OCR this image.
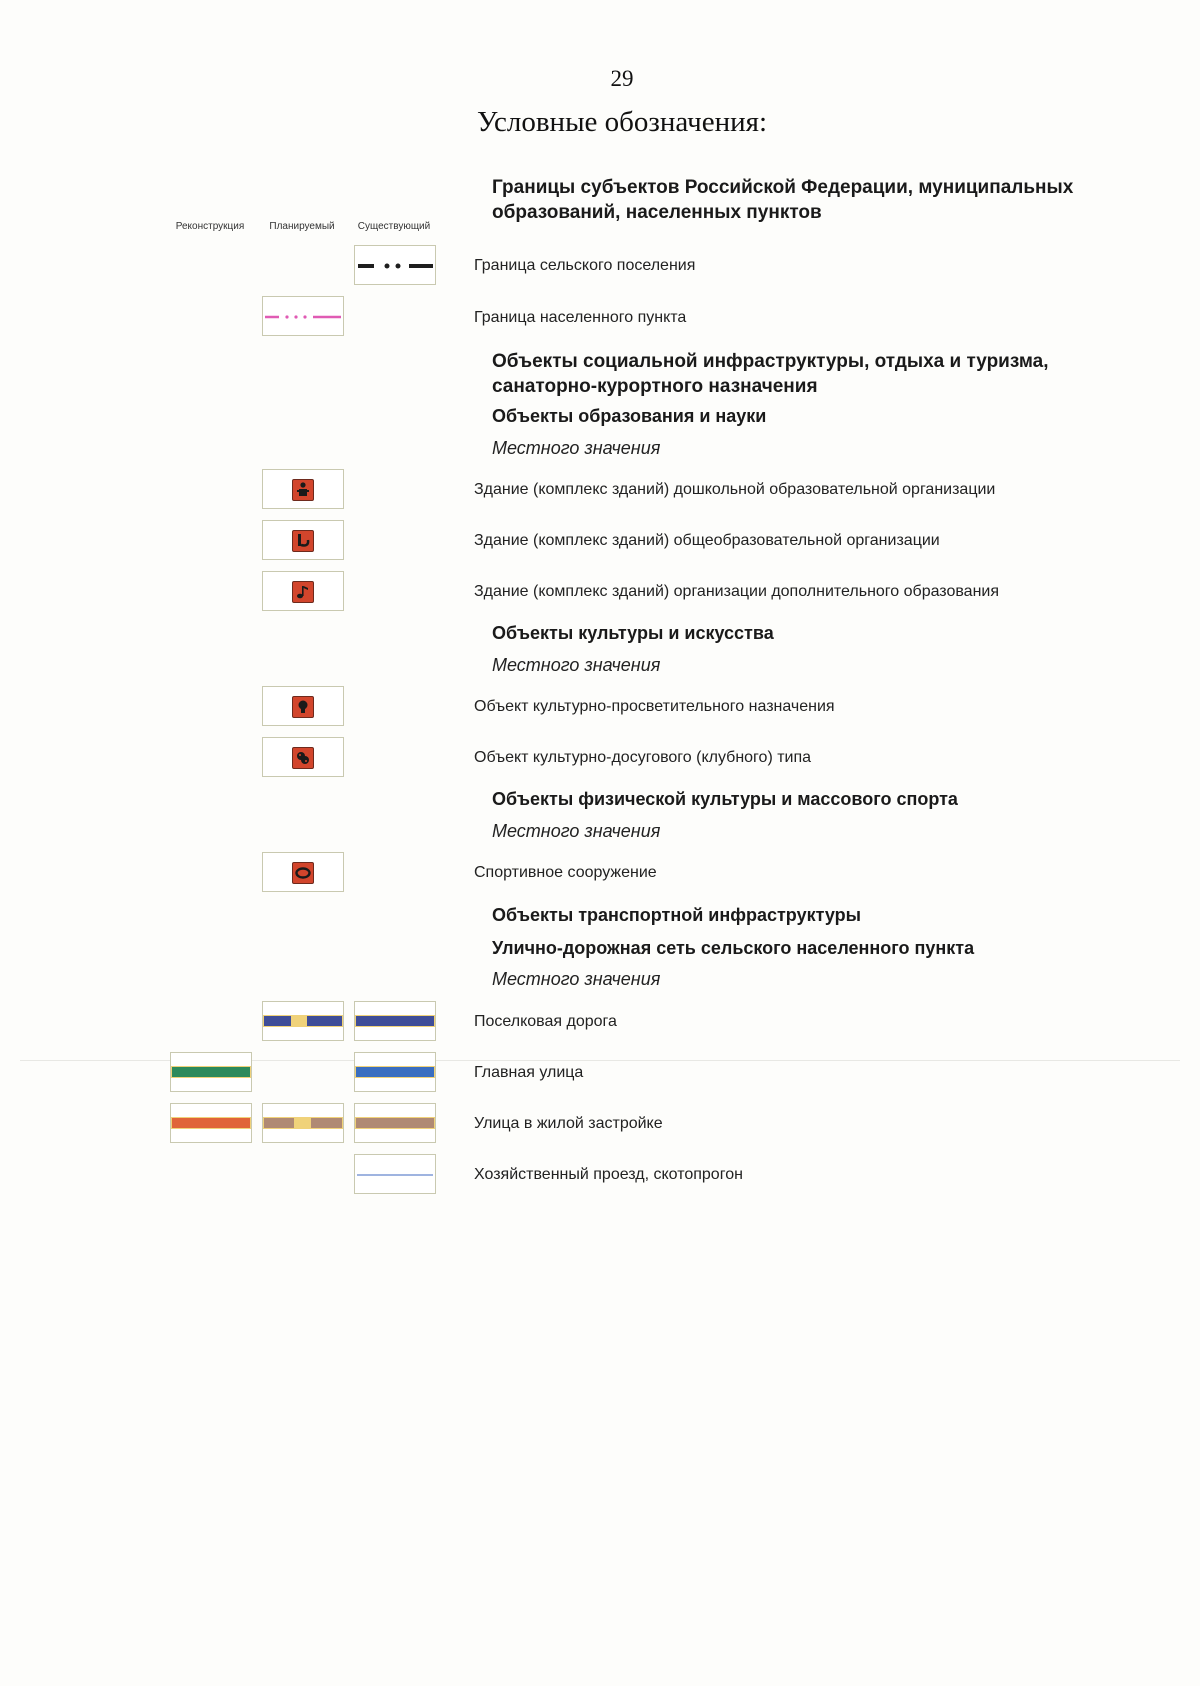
29
Условные обозначения:
Реконструкция	Планируемый	Существующий
Границы субъектов Российской Федерации, муниципальных образований, населенных пунктов
Граница сельского поселения
Граница населенного пункта
Объекты социальной инфраструктуры, отдыха и туризма, санаторно-курортного назначения
Объекты образования и науки
Местного значения
Здание (комплекс зданий) дошкольной образовательной организации
Здание (комплекс зданий) общеобразовательной организации
Здание (комплекс зданий) организации дополнительного образования
Объекты культуры и искусства
Местного значения
Объект культурно-просветительного назначения
Объект культурно-досугового (клубного) типа
Объекты физической культуры и массового спорта
Местного значения
Спортивное сооружение
Объекты транспортной инфраструктуры
Улично-дорожная сеть сельского населенного пункта
Местного значения
Поселковая дорога
Главная улица
Улица в жилой застройке
Хозяйственный проезд, скотопрогон
